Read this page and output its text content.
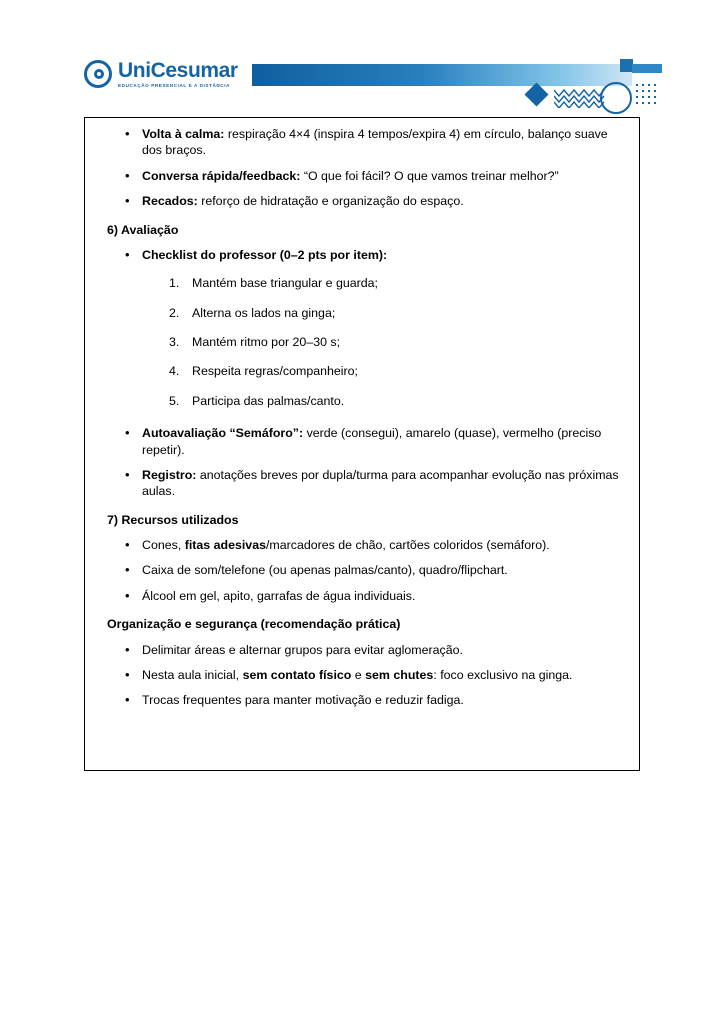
UniCesumar
EDUCAÇÃO PRESENCIAL E A DISTÂNCIA
• Volta à calma: respiração 4×4 (inspira 4 tempos/expira 4) em círculo, balanço suave dos braços.
• Conversa rápida/feedback: “O que foi fácil? O que vamos treinar melhor?”
• Recados: reforço de hidratação e organização do espaço.
6) Avaliação
• Checklist do professor (0–2 pts por item):
Mantém base triangular e guarda;
Alterna os lados na ginga;
Mantém ritmo por 20–30 s;
Respeita regras/companheiro;
Participa das palmas/canto.
• Autoavaliação “Semáforo”: verde (consegui), amarelo (quase), vermelho (preciso repetir).
• Registro: anotações breves por dupla/turma para acompanhar evolução nas próximas aulas.
7) Recursos utilizados
• Cones, fitas adesivas/marcadores de chão, cartões coloridos (semáforo).
• Caixa de som/telefone (ou apenas palmas/canto), quadro/flipchart.
• Álcool em gel, apito, garrafas de água individuais.
Organização e segurança (recomendação prática)
• Delimitar áreas e alternar grupos para evitar aglomeração.
• Nesta aula inicial, sem contato físico e sem chutes: foco exclusivo na ginga.
• Trocas frequentes para manter motivação e reduzir fadiga.
